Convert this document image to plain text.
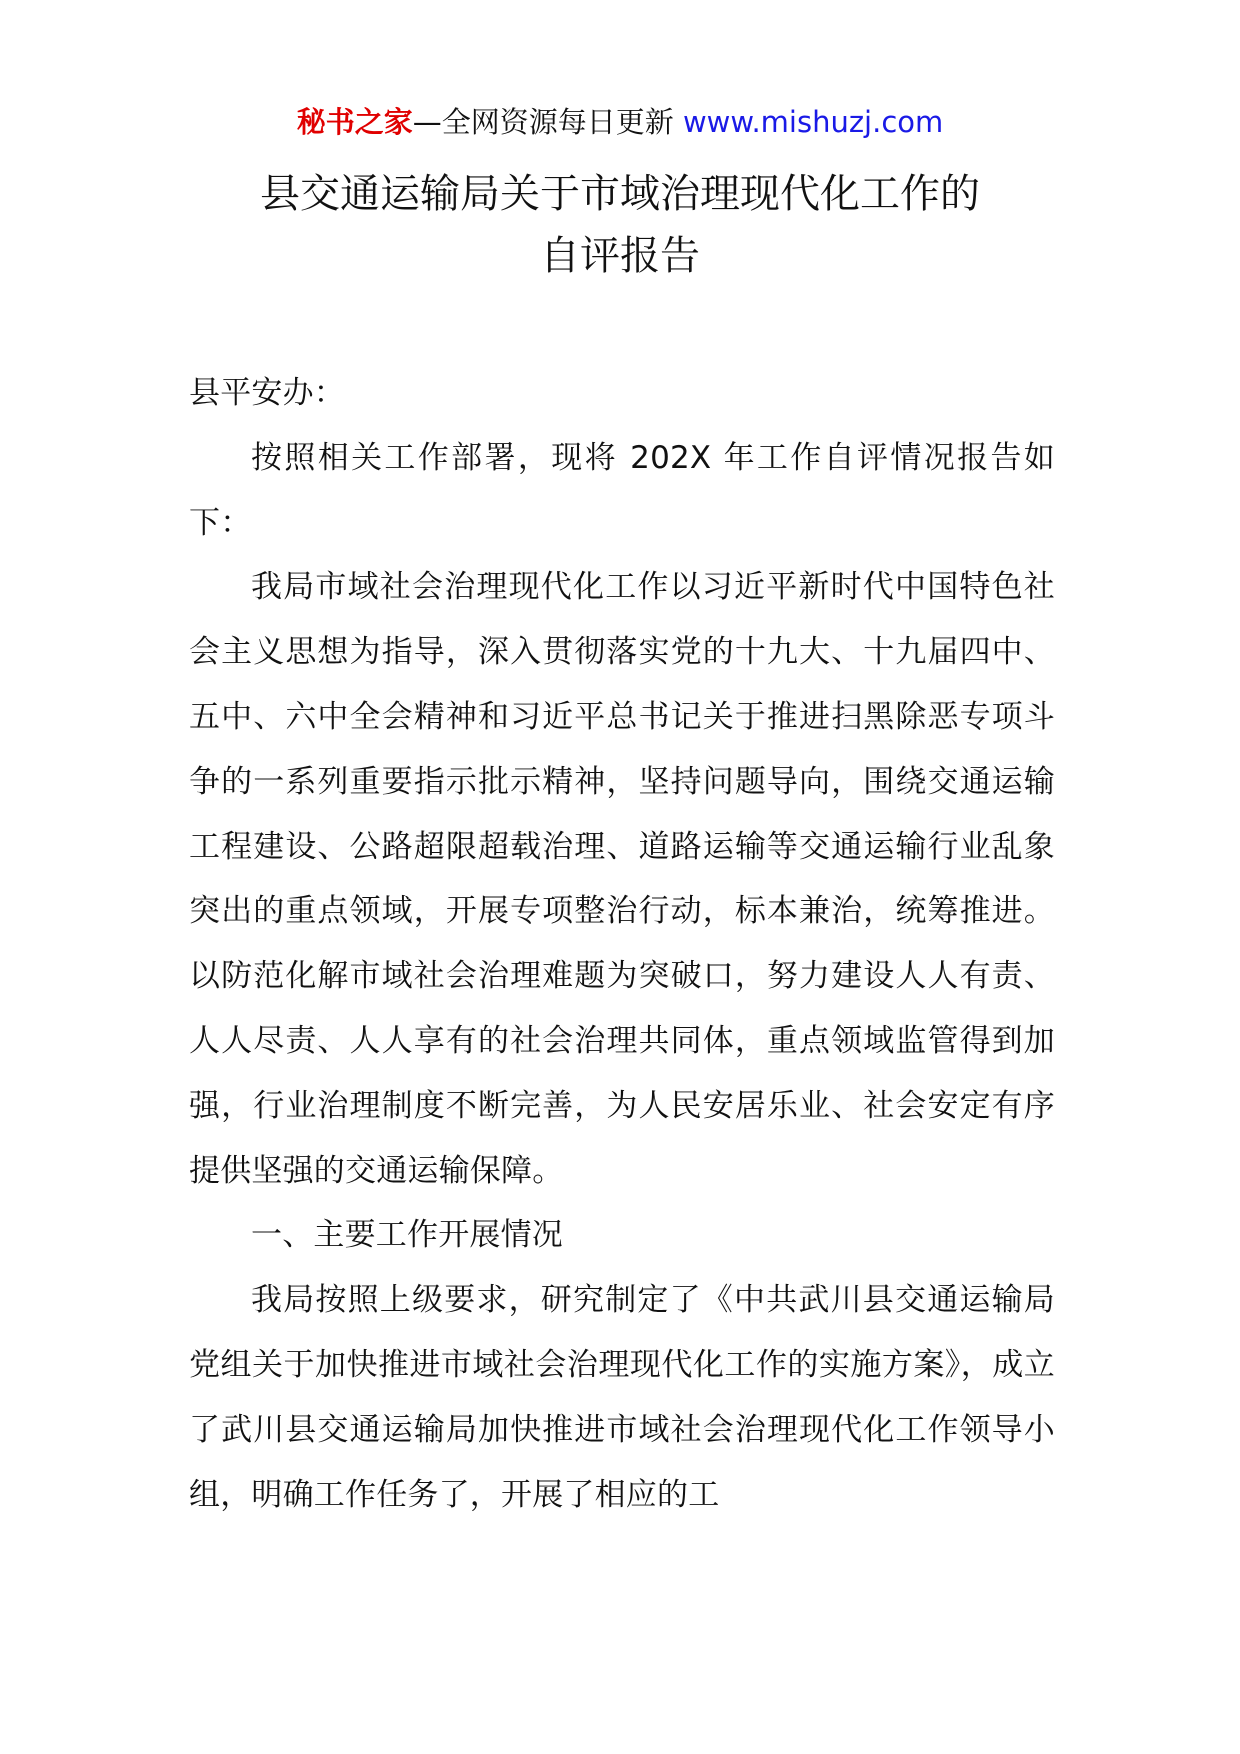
秘书之家—全网资源每日更新 www.mishuzj.com
县交通运输局关于市域治理现代化工作的
自评报告

县平安办：

按照相关工作部署，现将 202X 年工作自评情况报告如下：

我局市域社会治理现代化工作以习近平新时代中国特色社会主义思想为指导，深入贯彻落实党的十九大、十九届四中、五中、六中全会精神和习近平总书记关于推进扫黑除恶专项斗争的一系列重要指示批示精神，坚持问题导向，围绕交通运输工程建设、公路超限超载治理、道路运输等交通运输行业乱象突出的重点领域，开展专项整治行动，标本兼治，统筹推进。以防范化解市域社会治理难题为突破口，努力建设人人有责、人人尽责、人人享有的社会治理共同体，重点领域监管得到加强，行业治理制度不断完善，为人民安居乐业、社会安定有序提供坚强的交通运输保障。

一、主要工作开展情况

我局按照上级要求，研究制定了《中共武川县交通运输局党组关于加快推进市域社会治理现代化工作的实施方案》，成立了武川县交通运输局加快推进市域社会治理现代化工作领导小组，明确工作任务了，开展了相应的工
